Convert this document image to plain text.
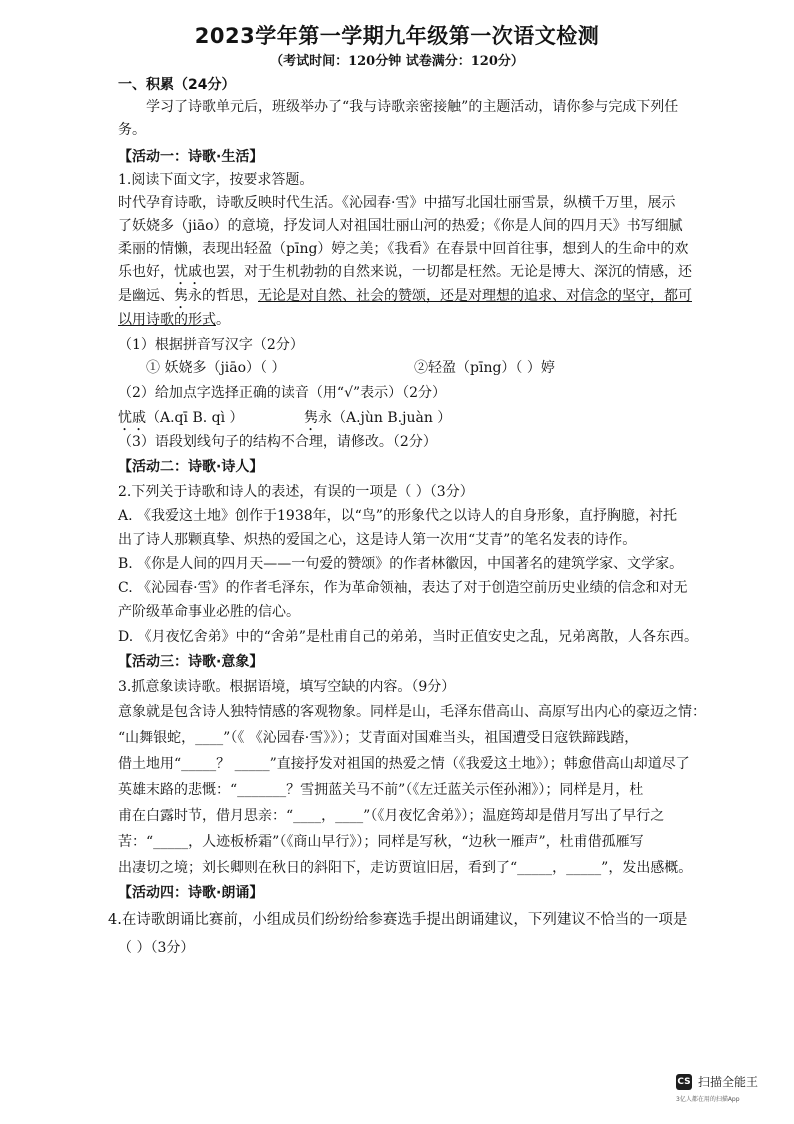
2023学年第一学期九年级第一次语文检测
（考试时间：120分钟 试卷满分：120分）
一、积累（24分）
学习了诗歌单元后，班级举办了“我与诗歌亲密接触”的主题活动，请你参与完成下列任
务。
【活动一：诗歌·生活】
1.阅读下面文字，按要求答题。
时代孕育诗歌，诗歌反映时代生活。《沁园春·雪》中描写北国壮丽雪景，纵横千万里，展示
了妖娆多（jiāo）的意境，抒发词人对祖国壮丽山河的热爱；《你是人间的四月天》书写细腻
柔丽的情懒，表现出轻盈（pīng）婷之美；《我看》在春景中回首往事，想到人的生命中的欢
乐也好，忧戚也罢，对于生机勃勃的自然来说，一切都是枉然。无论是博大、深沉的情感，还
是幽远、隽永的哲思，无论是对自然、社会的赞颂，还是对理想的追求、对信念的坚守，都可
以用诗歌的形式。
（1）根据拼音写汉字（2分）
① 妖娆多（jiāo）（ ）	②轻盈（pīng）（ ）婷
（2）给加点字选择正确的读音（用“√”表示）（2分）
忧戚（A.qī B. qì ）	隽永（A.jùn B.juàn ）
（3）语段划线句子的结构不合理，请修改。（2分）
【活动二：诗歌·诗人】
2.下列关于诗歌和诗人的表述，有误的一项是（ ）（3分）
A. 《我爱这土地》创作于1938年，以“鸟”的形象代之以诗人的自身形象，直抒胸臆，衬托
出了诗人那颗真挚、炽热的爱国之心，这是诗人第一次用“艾青”的笔名发表的诗作。
B. 《你是人间的四月天——一句爱的赞颂》的作者林徽因，中国著名的建筑学家、文学家。
C. 《沁园春·雪》的作者毛泽东，作为革命领袖，表达了对于创造空前历史业绩的信念和对无
产阶级革命事业必胜的信心。
D. 《月夜忆舍弟》中的“舍弟”是杜甫自己的弟弟，当时正值安史之乱，兄弟离散，人各东西。
【活动三：诗歌·意象】
3.抓意象读诗歌。根据语境，填写空缺的内容。（9分）
意象就是包含诗人独特情感的客观物象。同样是山，毛泽东借高山、高原写出内心的豪迈之情：
“山舞银蛇，____”（《 《沁园春·雪》》）；艾青面对国难当头，祖国遭受日寇铁蹄践踏，
借土地用“_____？ _____”直接抒发对祖国的热爱之情（《我爱这土地》）；韩愈借高山却道尽了
英雄末路的悲慨：“_______？雪拥蓝关马不前”（《左迁蓝关示侄孙湘》）；同样是月，杜
甫在白露时节，借月思亲：“____，____”（《月夜忆舍弟》）；温庭筠却是借月写出了早行之
苦：“_____，人迹板桥霜”（《商山早行》）；同样是写秋，“边秋一雁声”，杜甫借孤雁写
出凄切之境；刘长卿则在秋日的斜阳下，走访贾谊旧居，看到了“_____，_____”，发出感概。
【活动四：诗歌·朗诵】
4.在诗歌朗诵比赛前，小组成员们纷纷给参赛选手提出朗诵建议，下列建议不恰当的一项是
（ ）（3分）
CS 扫描全能王
3亿人都在用的扫描App
